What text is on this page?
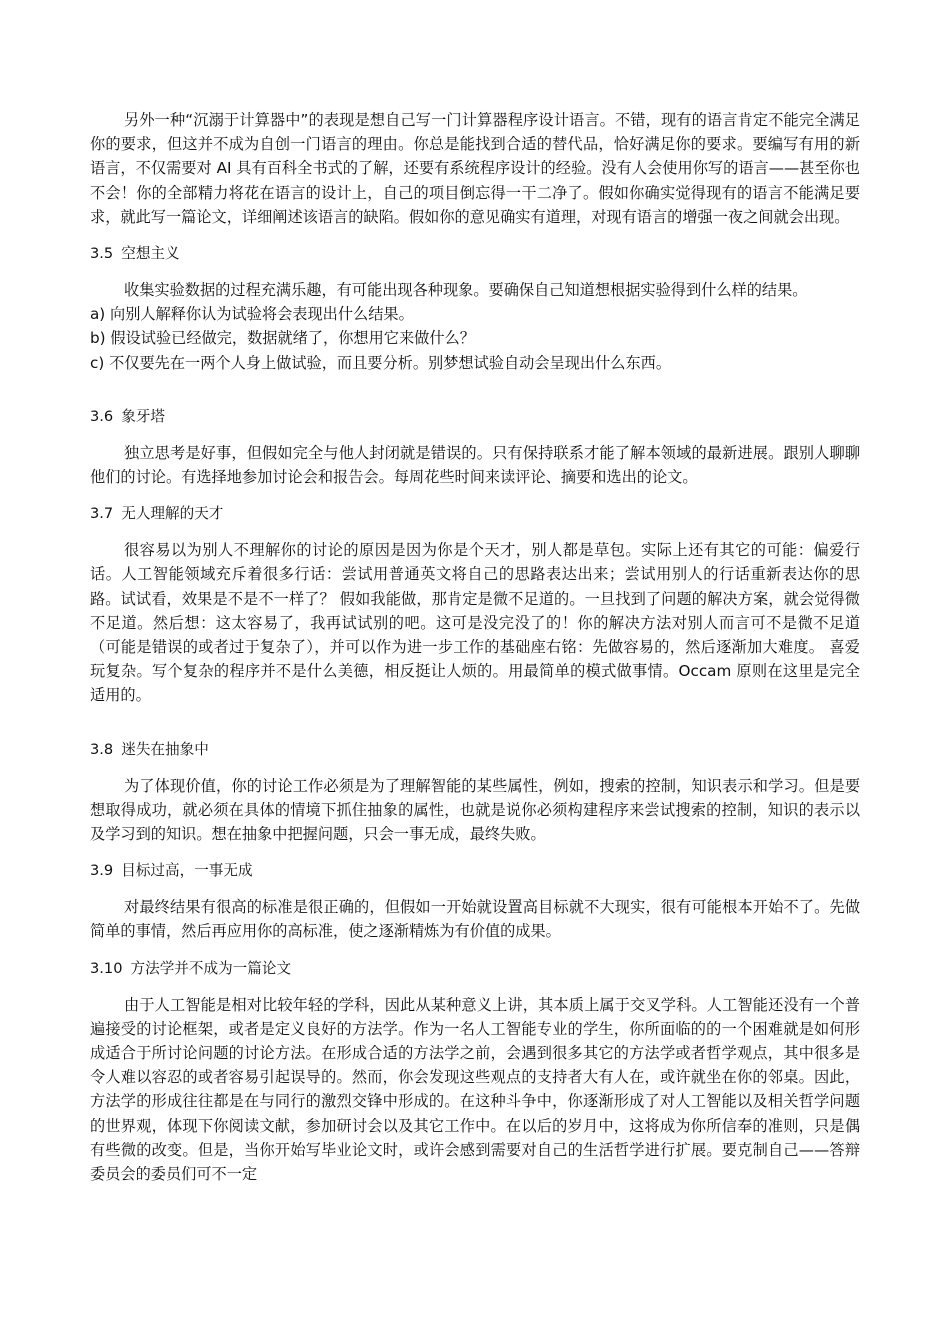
另外一种“沉溺于计算器中”的表现是想自己写一门计算器程序设计语言。不错，现有的语言肯定不能完全满足你的要求，但这并不成为自创一门语言的理由。你总是能找到合适的替代品，恰好满足你的要求。要编写有用的新语言，不仅需要对 AI 具有百科全书式的了解，还要有系统程序设计的经验。没有人会使用你写的语言——甚至你也不会！你的全部精力将花在语言的设计上，自己的项目倒忘得一干二净了。假如你确实觉得现有的语言不能满足要求，就此写一篇论文，详细阐述该语言的缺陷。假如你的意见确实有道理，对现有语言的增强一夜之间就会出现。

3.5 空想主义

收集实验数据的过程充满乐趣，有可能出现各种现象。要确保自己知道想根据实验得到什么样的结果。

a) 向别人解释你认为试验将会表现出什么结果。

b) 假设试验已经做完，数据就绪了，你想用它来做什么？

c) 不仅要先在一两个人身上做试验，而且要分析。别梦想试验自动会呈现出什么东西。

3.6 象牙塔

独立思考是好事，但假如完全与他人封闭就是错误的。只有保持联系才能了解本领域的最新进展。跟别人聊聊他们的讨论。有选择地参加讨论会和报告会。每周花些时间来读评论、摘要和选出的论文。

3.7 无人理解的天才

很容易以为别人不理解你的讨论的原因是因为你是个天才，别人都是草包。实际上还有其它的可能：偏爱行话。人工智能领域充斥着很多行话：尝试用普通英文将自己的思路表达出来；尝试用别人的行话重新表达你的思路。试试看，效果是不是不一样了？ 假如我能做，那肯定是微不足道的。一旦找到了问题的解决方案，就会觉得微不足道。然后想：这太容易了，我再试试别的吧。这可是没完没了的！你的解决方法对别人而言可不是微不足道（可能是错误的或者过于复杂了），并可以作为进一步工作的基础座右铭：先做容易的，然后逐渐加大难度。 喜爱玩复杂。写个复杂的程序并不是什么美德，相反挺让人烦的。用最简单的模式做事情。Occam 原则在这里是完全适用的。

3.8 迷失在抽象中

为了体现价值，你的讨论工作必须是为了理解智能的某些属性，例如，搜索的控制，知识表示和学习。但是要想取得成功，就必须在具体的情境下抓住抽象的属性，也就是说你必须构建程序来尝试搜索的控制，知识的表示以及学习到的知识。想在抽象中把握问题，只会一事无成，最终失败。

3.9 目标过高，一事无成

对最终结果有很高的标准是很正确的，但假如一开始就设置高目标就不大现实，很有可能根本开始不了。先做简单的事情，然后再应用你的高标准，使之逐渐精炼为有价值的成果。

3.10 方法学并不成为一篇论文

由于人工智能是相对比较年轻的学科，因此从某种意义上讲，其本质上属于交叉学科。人工智能还没有一个普遍接受的讨论框架，或者是定义良好的方法学。作为一名人工智能专业的学生，你所面临的的一个困难就是如何形成适合于所讨论问题的讨论方法。在形成合适的方法学之前，会遇到很多其它的方法学或者哲学观点，其中很多是令人难以容忍的或者容易引起误导的。然而，你会发现这些观点的支持者大有人在，或许就坐在你的邻桌。因此，方法学的形成往往都是在与同行的激烈交锋中形成的。在这种斗争中，你逐渐形成了对人工智能以及相关哲学问题的世界观，体现下你阅读文献，参加研讨会以及其它工作中。在以后的岁月中，这将成为你所信奉的准则，只是偶有些微的改变。但是，当你开始写毕业论文时，或许会感到需要对自己的生活哲学进行扩展。要克制自己——答辩委员会的委员们可不一定
